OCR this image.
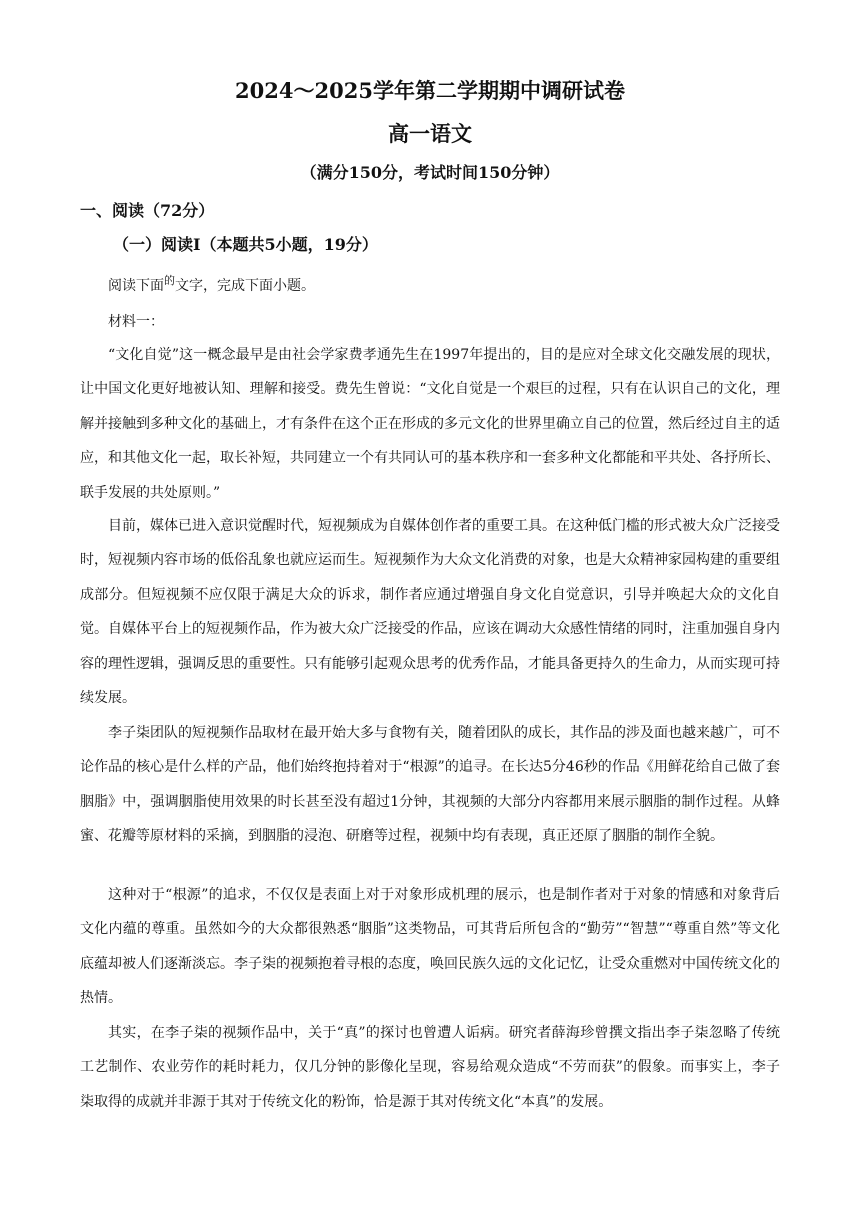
2024～2025学年第二学期期中调研试卷
高一语文
（满分150分，考试时间150分钟）
一、阅读（72分）
（一）阅读Ⅰ（本题共5小题，19分）
阅读下面$^的$文字，完成下面小题。
材料一：

“文化自觉”这一概念最早是由社会学家费孝通先生在1997年提出的，目的是应对全球文化交融发展的现状，让中国文化更好地被认知、理解和接受。费先生曾说：“文化自觉是一个艰巨的过程，只有在认识自己的文化，理解并接触到多种文化的基础上，才有条件在这个正在形成的多元文化的世界里确立自己的位置，然后经过自主的适应，和其他文化一起，取长补短，共同建立一个有共同认可的基本秩序和一套多种文化都能和平共处、各抒所长、联手发展的共处原则。”

目前，媒体已进入意识觉醒时代，短视频成为自媒体创作者的重要工具。在这种低门槛的形式被大众广泛接受时，短视频内容市场的低俗乱象也就应运而生。短视频作为大众文化消费的对象，也是大众精神家园构建的重要组成部分。但短视频不应仅限于满足大众的诉求，制作者应通过增强自身文化自觉意识，引导并唤起大众的文化自觉。自媒体平台上的短视频作品，作为被大众广泛接受的作品，应该在调动大众感性情绪的同时，注重加强自身内容的理性逻辑，强调反思的重要性。只有能够引起观众思考的优秀作品，才能具备更持久的生命力，从而实现可持续发展。

李子柒团队的短视频作品取材在最开始大多与食物有关，随着团队的成长，其作品的涉及面也越来越广，可不论作品的核心是什么样的产品，他们始终抱持着对于“根源”的追寻。在长达5分46秒的作品《用鲜花给自己做了套胭脂》中，强调胭脂使用效果的时长甚至没有超过1分钟，其视频的大部分内容都用来展示胭脂的制作过程。从蜂蜜、花瓣等原材料的采摘，到胭脂的浸泡、研磨等过程，视频中均有表现，真正还原了胭脂的制作全貌。

这种对于“根源”的追求，不仅仅是表面上对于对象形成机理的展示，也是制作者对于对象的情感和对象背后文化内蕴的尊重。虽然如今的大众都很熟悉“胭脂”这类物品，可其背后所包含的“勤劳”“智慧”“尊重自然”等文化底蕴却被人们逐渐淡忘。李子柒的视频抱着寻根的态度，唤回民族久远的文化记忆，让受众重燃对中国传统文化的热情。

其实，在李子柒的视频作品中，关于“真”的探讨也曾遭人诟病。研究者薛海珍曾撰文指出李子柒忽略了传统工艺制作、农业劳作的耗时耗力，仅几分钟的影像化呈现，容易给观众造成“不劳而获”的假象。而事实上，李子柒取得的成就并非源于其对于传统文化的粉饰，恰是源于其对传统文化“本真”的发展。
